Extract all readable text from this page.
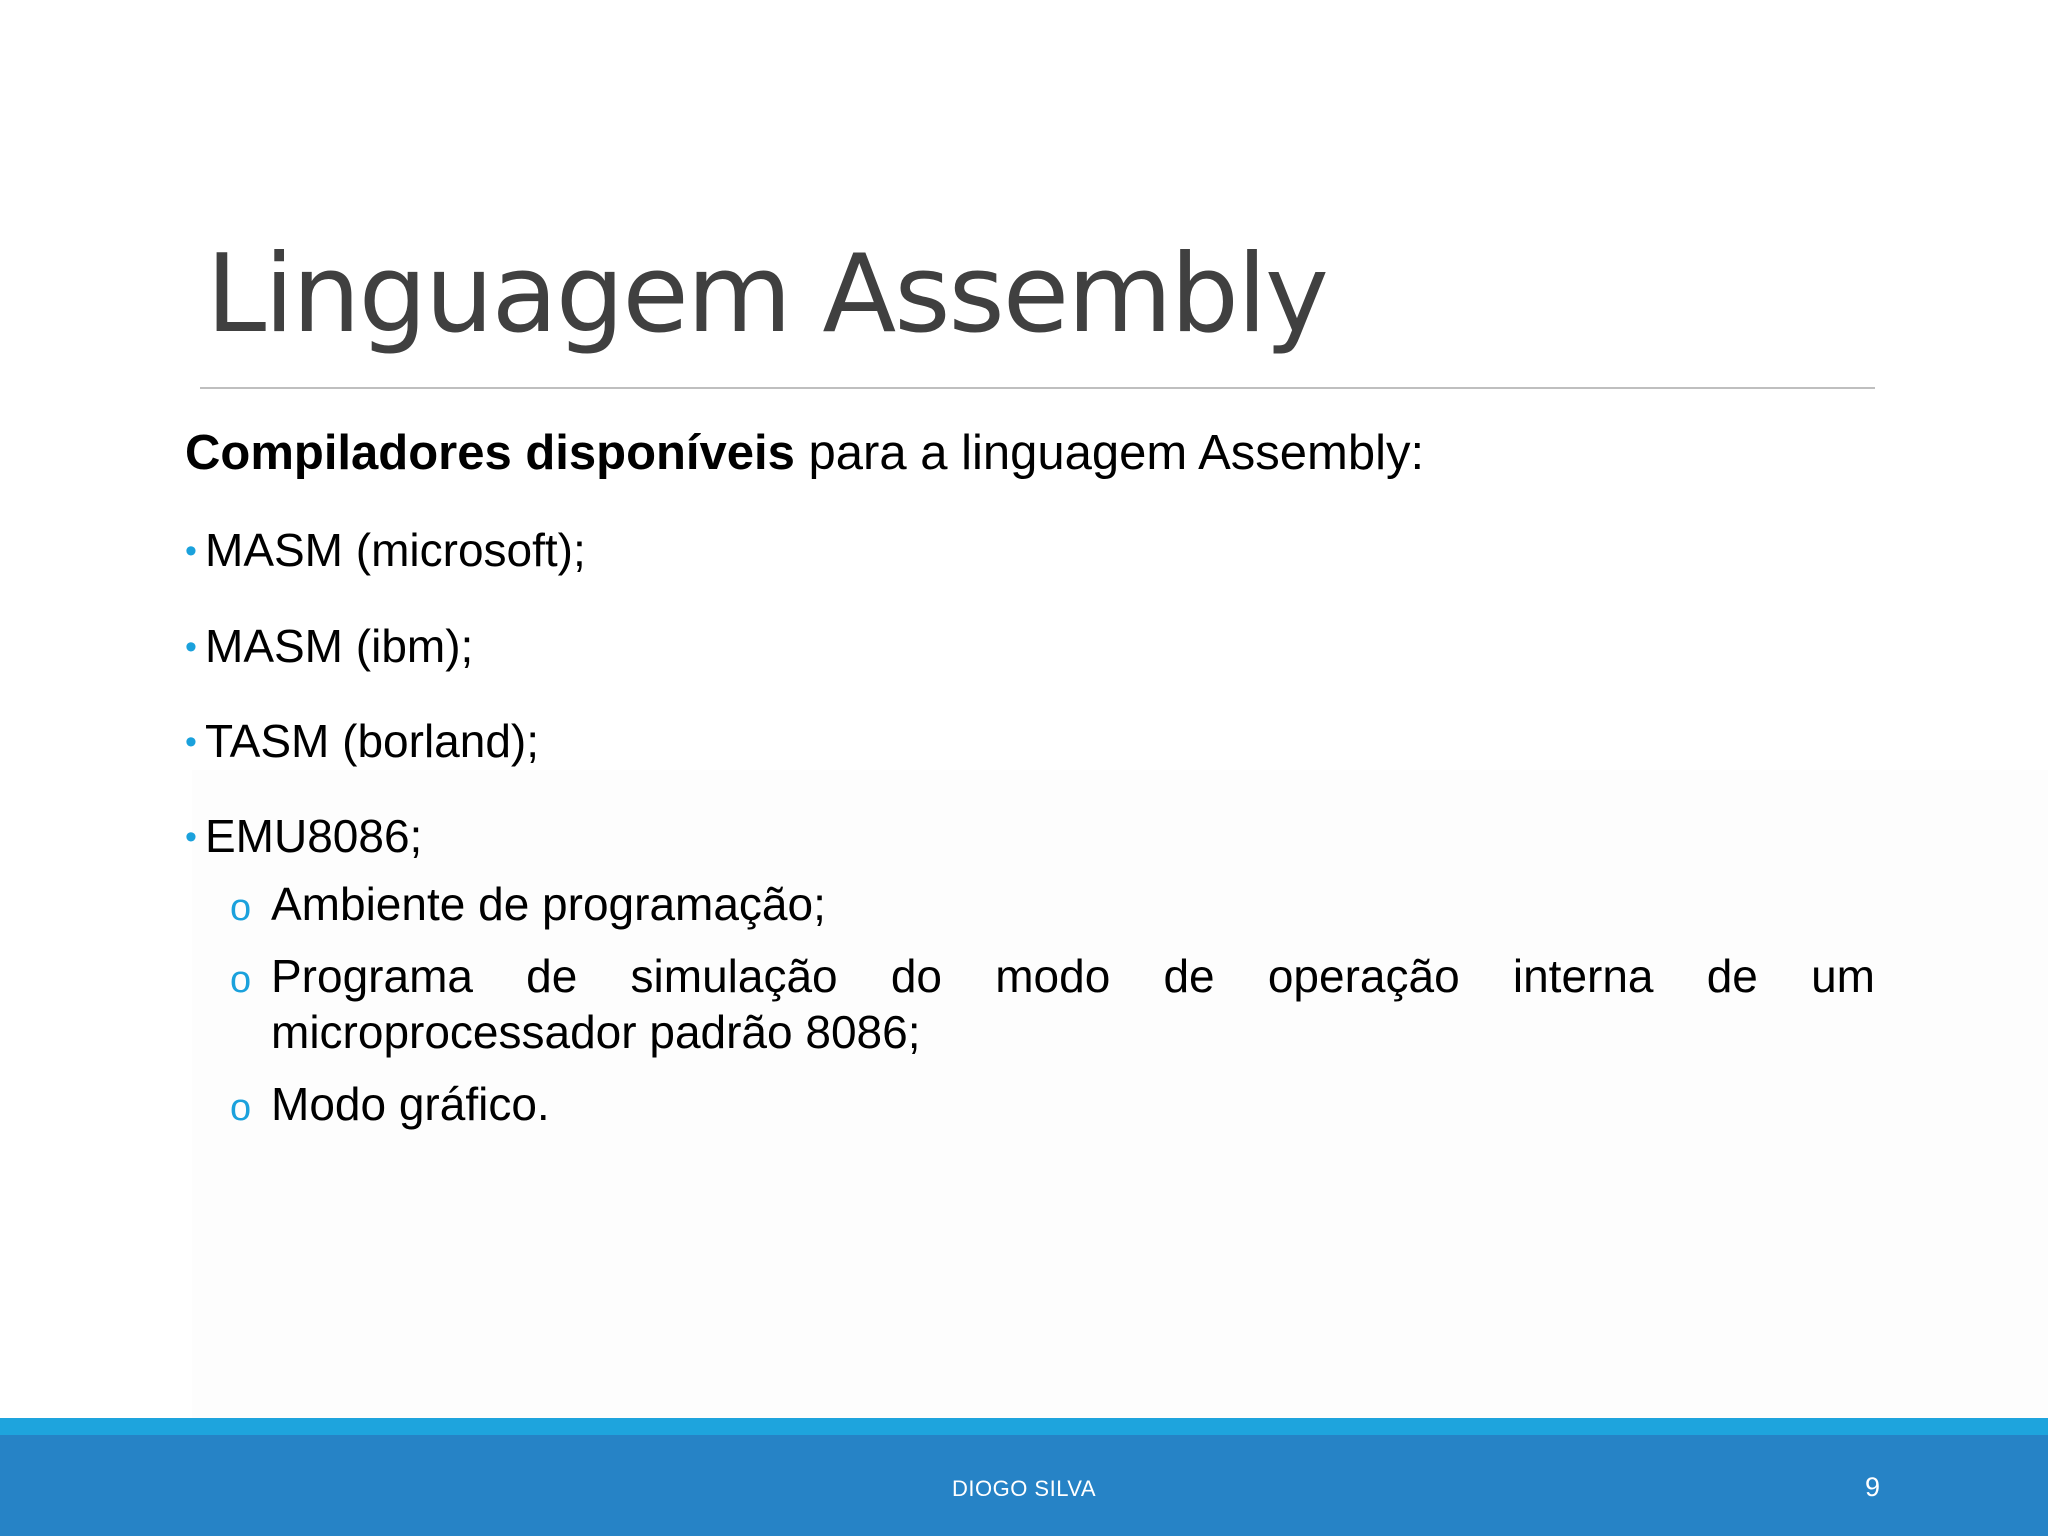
Linguagem Assembly
Compiladores disponíveis para a linguagem Assembly:
• MASM (microsoft);
• MASM (ibm);
• TASM (borland);
• EMU8086;
o Ambiente de programação;
o Programa de simulação do modo de operação interna de um microprocessador padrão 8086;
o Modo gráfico.
DIOGO SILVA	9
